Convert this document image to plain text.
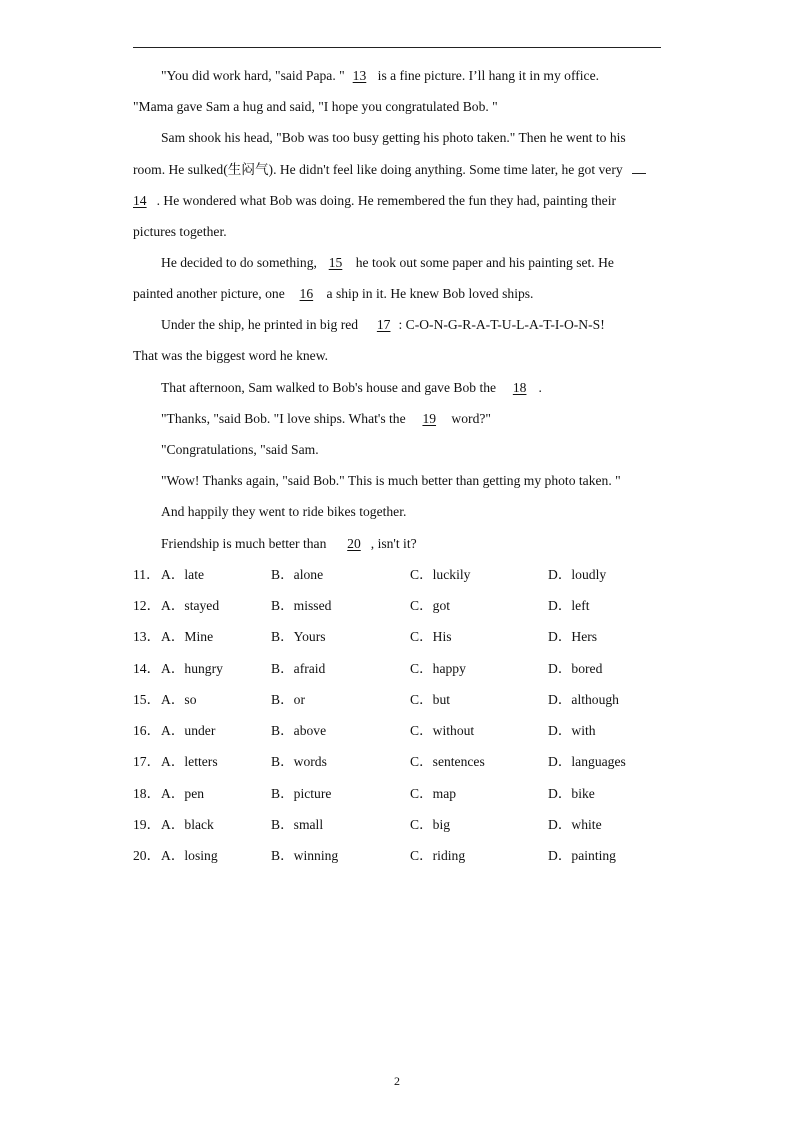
"You did work hard, "said Papa. " 13 is a fine picture. I’ll hang it in my office.
"Mama gave Sam a hug and said, "I hope you congratulated Bob. "
Sam shook his head, "Bob was too busy getting his photo taken." Then he went to his
room. He sulked(生闷气). He didn't feel like doing anything. Some time later, he got very
14 . He wondered what Bob was doing. He remembered the fun they had, painting their
pictures together.
He decided to do something, 15 he took out some paper and his painting set. He
painted another picture, one 16 a ship in it. He knew Bob loved ships.
Under the ship, he printed in big red 17 : C-O-N-G-R-A-T-U-L-A-T-I-O-N-S!
That was the biggest word he knew.
That afternoon, Sam walked to Bob's house and gave Bob the 18 .
"Thanks, "said Bob. "I love ships. What's the 19 word?"
"Congratulations, "said Sam.
"Wow! Thanks again, "said Bob." This is much better than getting my photo taken. "
And happily they went to ride bikes together.
Friendship is much better than 20 , isn't it?
11． A．late	B．alone	C．luckily	D．loudly
12． A．stayed	B．missed	C．got	D．left
13． A．Mine	B．Yours	C．His	D．Hers
14． A．hungry	B．afraid	C．happy	D．bored
15． A．so	B．or	C．but	D．although
16． A．under	B．above	C．without	D．with
17． A．letters	B．words	C．sentences	D．languages
18． A．pen	B．picture	C．map	D．bike
19． A．black	B．small	C．big	D．white
20． A．losing	B．winning	C．riding	D．painting
2
